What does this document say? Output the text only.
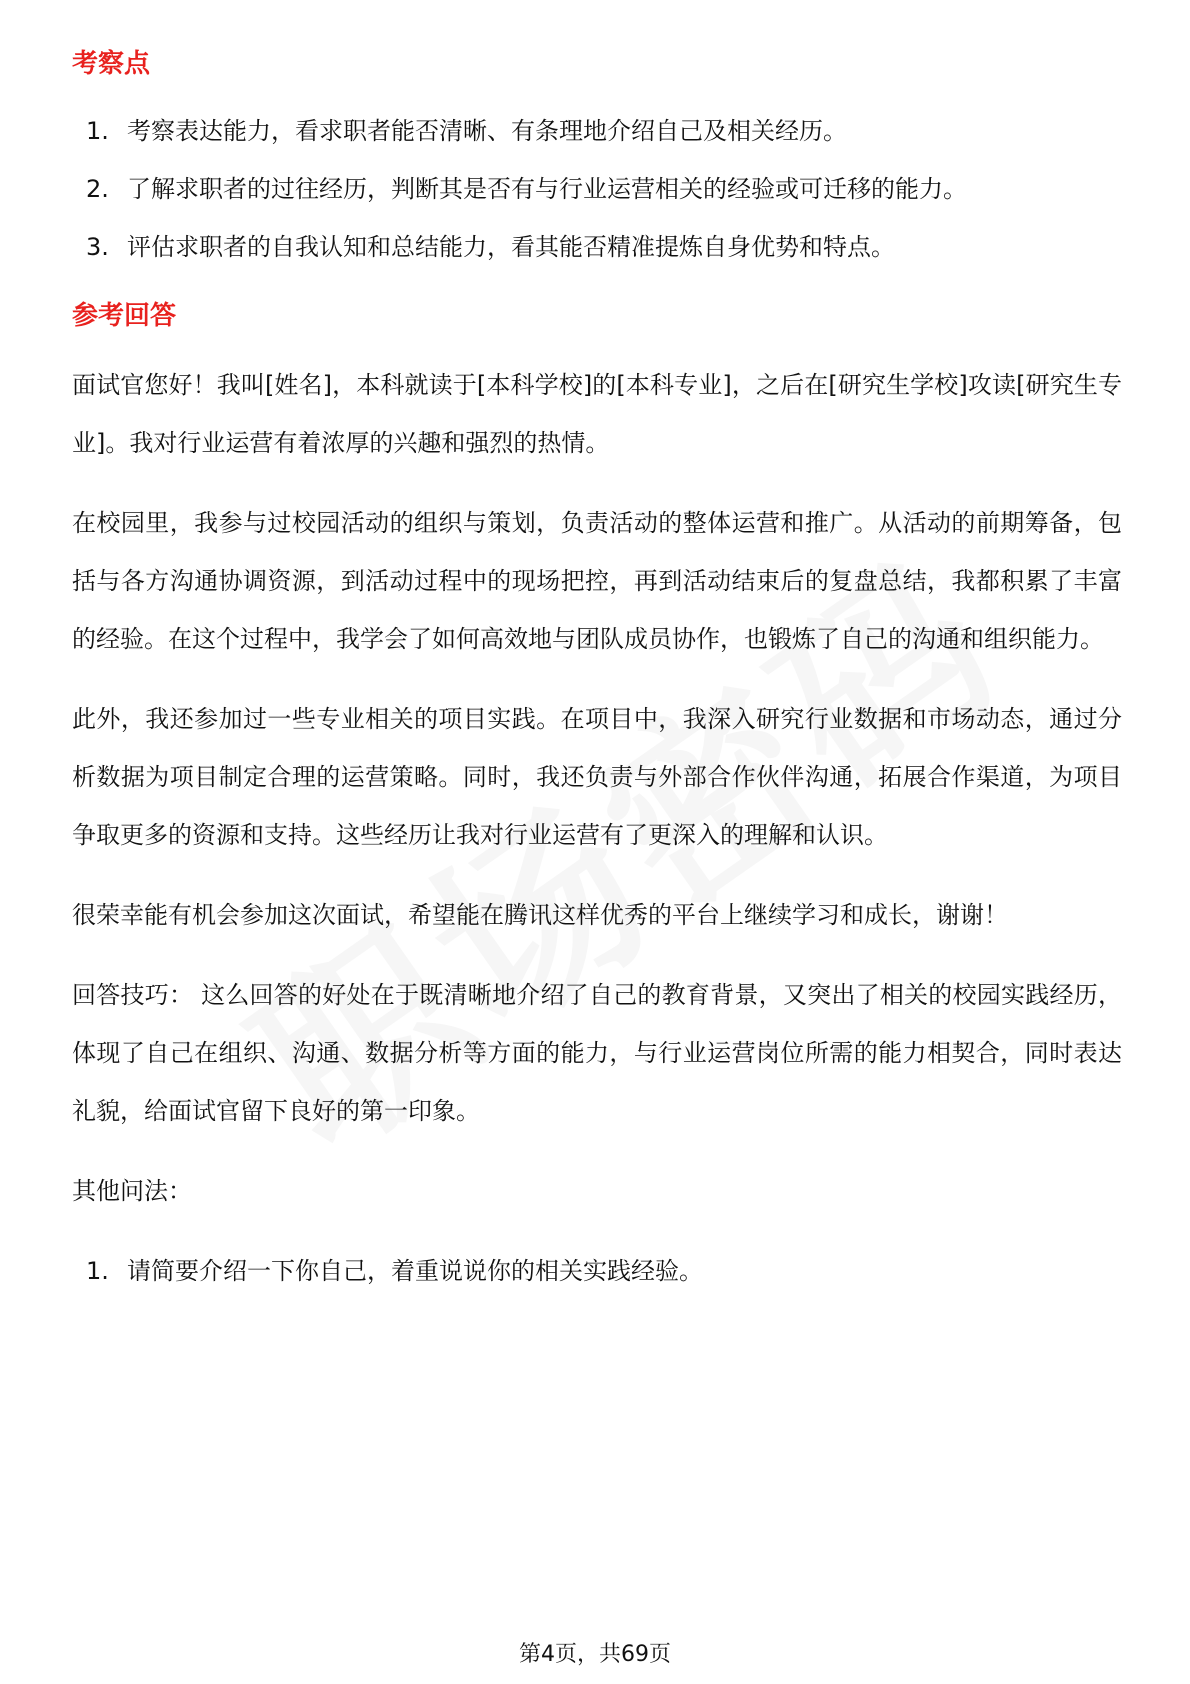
考察点
1. 考察表达能力，看求职者能否清晰、有条理地介绍自己及相关经历。
2. 了解求职者的过往经历，判断其是否有与行业运营相关的经验或可迁移的能力。
3. 评估求职者的自我认知和总结能力，看其能否精准提炼自身优势和特点。
参考回答

面试官您好！我叫[姓名]，本科就读于[本科学校]的[本科专业]，之后在[研究生学校]攻读[研究生专业]。我对行业运营有着浓厚的兴趣和强烈的热情。

在校园里，我参与过校园活动的组织与策划，负责活动的整体运营和推广。从活动的前期筹备，包括与各方沟通协调资源，到活动过程中的现场把控，再到活动结束后的复盘总结，我都积累了丰富的经验。在这个过程中，我学会了如何高效地与团队成员协作，也锻炼了自己的沟通和组织能力。

此外，我还参加过一些专业相关的项目实践。在项目中，我深入研究行业数据和市场动态，通过分析数据为项目制定合理的运营策略。同时，我还负责与外部合作伙伴沟通，拓展合作渠道，为项目争取更多的资源和支持。这些经历让我对行业运营有了更深入的理解和认识。

很荣幸能有机会参加这次面试，希望能在腾讯这样优秀的平台上继续学习和成长，谢谢！

回答技巧： 这么回答的好处在于既清晰地介绍了自己的教育背景，又突出了相关的校园实践经历，体现了自己在组织、沟通、数据分析等方面的能力，与行业运营岗位所需的能力相契合，同时表达礼貌，给面试官留下良好的第一印象。

其他问法：

1. 请简要介绍一下你自己，着重说说你的相关实践经验。
第4页，共69页
